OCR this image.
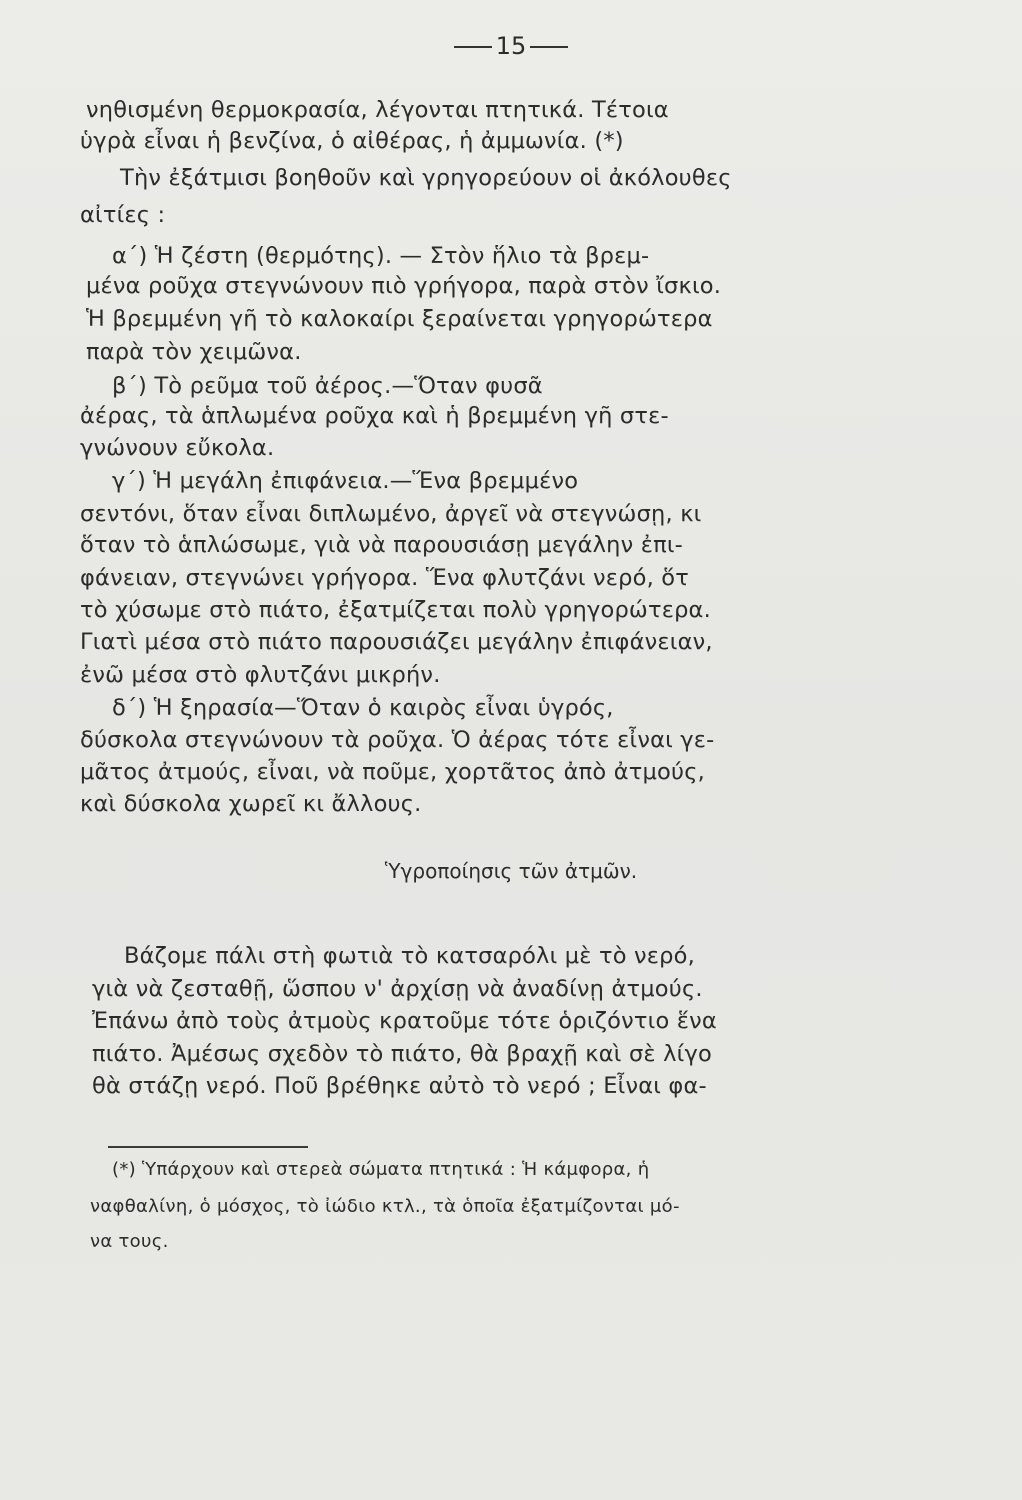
15
νηθισμένη θερμοκρασία, λέγονται πτητικά. Τέτοια
ὑγρὰ εἶναι ἡ βενζίνα, ὁ αἰθέρας, ἡ ἀμμωνία. (*)
Τὴν ἐξάτμισι βοηθοῦν καὶ γρηγορεύουν οἱ ἀκόλουθες
αἰτίες :
α΄) Ἡ ζέστη (θερμότης). — Στὸν ἥλιο τὰ βρεμ-
μένα ροῦχα στεγνώνουν πιὸ γρήγορα, παρὰ στὸν ἴσκιο.
Ἡ βρεμμένη γῆ τὸ καλοκαίρι ξεραίνεται γρηγορώτερα
παρὰ τὸν χειμῶνα.
β΄) Τὸ ρεῦμα τοῦ ἀέρος.—Ὅταν φυσᾶ
ἀέρας, τὰ ἁπλωμένα ροῦχα καὶ ἡ βρεμμένη γῆ στε-
γνώνουν εὔκολα.
γ΄) Ἡ μεγάλη ἐπιφάνεια.—Ἕνα βρεμμένο
σεντόνι, ὅταν εἶναι διπλωμένο, ἀργεῖ νὰ στεγνώσῃ, κι
ὅταν τὸ ἁπλώσωμε, γιὰ νὰ παρουσιάσῃ μεγάλην ἐπι-
φάνειαν, στεγνώνει γρήγορα. Ἕνα φλυτζάνι νερό, ὅτ
τὸ χύσωμε στὸ πιάτο, ἐξατμίζεται πολὺ γρηγορώτερα.
Γιατὶ μέσα στὸ πιάτο παρουσιάζει μεγάλην ἐπιφάνειαν,
ἐνῶ μέσα στὸ φλυτζάνι μικρήν.
δ΄) Ἡ ξηρασία—Ὅταν ὁ καιρὸς εἶναι ὑγρός,
δύσκολα στεγνώνουν τὰ ροῦχα. Ὁ ἀέρας τότε εἶναι γε-
μᾶτος ἀτμούς, εἶναι, νὰ ποῦμε, χορτᾶτος ἀπὸ ἀτμούς,
καὶ δύσκολα χωρεῖ κι ἄλλους.
Ὑγροποίησις τῶν ἀτμῶν.
Βάζομε πάλι στὴ φωτιὰ τὸ κατσαρόλι μὲ τὸ νερό,
γιὰ νὰ ζεσταθῇ, ὥσπου ν' ἀρχίσῃ νὰ ἀναδίνῃ ἀτμούς.
Ἐπάνω ἀπὸ τοὺς ἀτμοὺς κρατοῦμε τότε ὁριζόντιο ἕνα
πιάτο. Ἀμέσως σχεδὸν τὸ πιάτο, θὰ βραχῇ καὶ σὲ λίγο
θὰ στάζῃ νερό. Ποῦ βρέθηκε αὐτὸ τὸ νερό ; Εἶναι φα-
(*) Ὑπάρχουν καὶ στερεὰ σώματα πτητικά : Ἡ κάμφορα, ἡ
ναφθαλίνη, ὁ μόσχος, τὸ ἰώδιο κτλ., τὰ ὁποῖα ἐξατμίζονται μό-
να τους.
